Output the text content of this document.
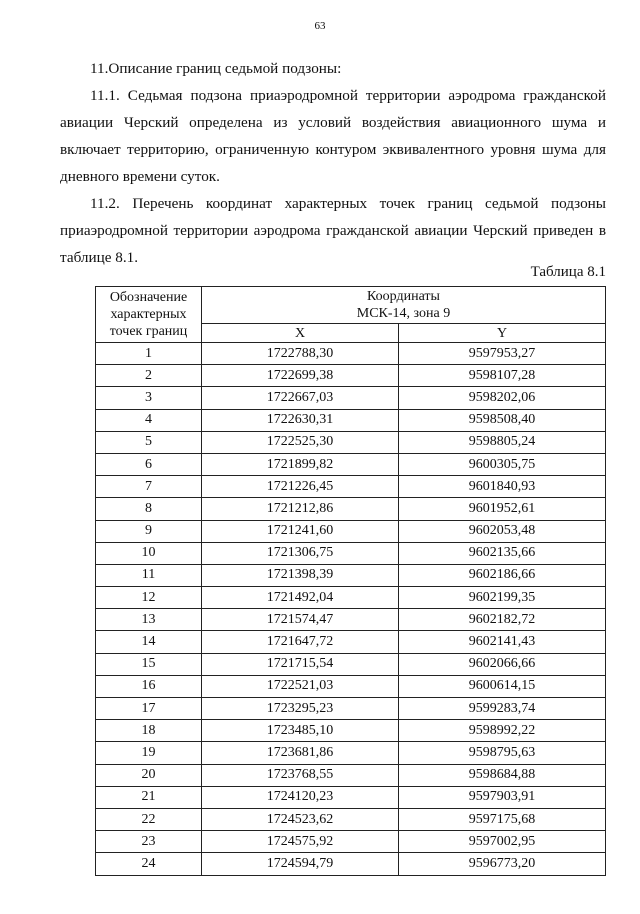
63

11.Описание границ седьмой подзоны:

11.1. Седьмая подзона приаэродромной территории аэродрома гражданской авиации Черский определена из условий воздействия авиационного шума и включает территорию, ограниченную контуром эквивалентного уровня шума для дневного времени суток.

11.2. Перечень координат характерных точек границ седьмой подзоны приаэродромной территории аэродрома гражданской авиации Черский приведен в таблице 8.1.

Таблица 8.1
Обозначение характерных точек границ	Координаты
МСК-14, зона 9	
	X	Y
1	1722788,30	9597953,27
2	1722699,38	9598107,28
3	1722667,03	9598202,06
4	1722630,31	9598508,40
5	1722525,30	9598805,24
6	1721899,82	9600305,75
7	1721226,45	9601840,93
8	1721212,86	9601952,61
9	1721241,60	9602053,48
10	1721306,75	9602135,66
11	1721398,39	9602186,66
12	1721492,04	9602199,35
13	1721574,47	9602182,72
14	1721647,72	9602141,43
15	1721715,54	9602066,66
16	1722521,03	9600614,15
17	1723295,23	9599283,74
18	1723485,10	9598992,22
19	1723681,86	9598795,63
20	1723768,55	9598684,88
21	1724120,23	9597903,91
22	1724523,62	9597175,68
23	1724575,92	9597002,95
24	1724594,79	9596773,20
